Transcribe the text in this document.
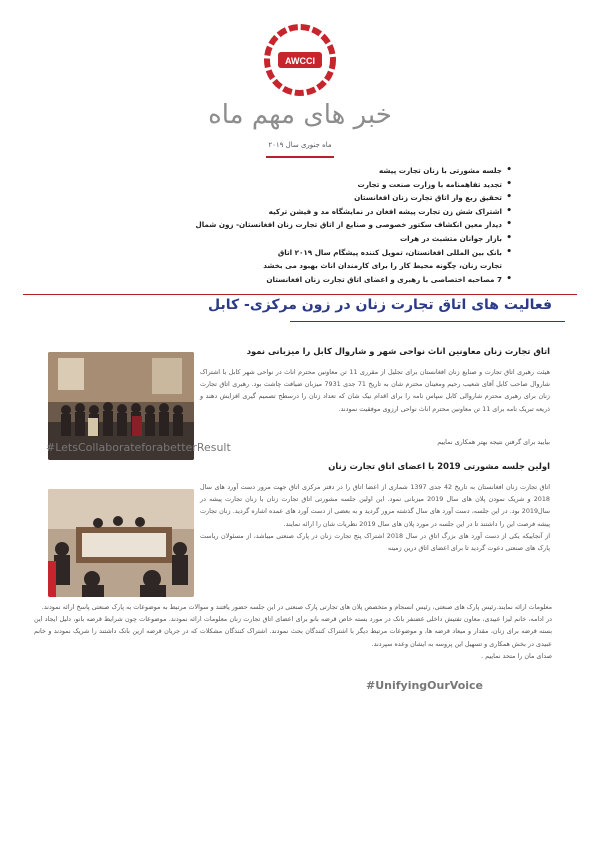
AWCCI
خبر های مهم ماه
ماه جنوری سال ۲۰۱۹
• جلسه مشورتی با زنان تجارت پیشه
• تجدید تفاهمنامه با وزارت صنعت و تجارت
• تحقیق ربع وار اتاق تجارت زنان افغانستان
• اشتراک شش زن تجارت پیشه افغان در نمایشگاه مد و فیشن ترکیه
• دیدار معین انکشاف سکتور خصوصی و صنایع از اتاق تجارت زنان افغانستان- زون شمال
• بازار جوانان متشبث در هرات
• بانک بین المللی افغانستان، تمویل کننده پیشگام سال ۲۰۱۹ اتاق
تجارت زنان، چگونه محیط کار را برای کارمندان اناث بهبود می بخشد
• 7 مصاحبه اختصاصی با رهبری و اعضای اتاق تجارت زنان افغانستان
فعالیت های اتاق تجارت زنان در زون مرکزی- کابل
اتاق تجارت زنان معاونین اناث نواحی شهر و شاروال کابل را میزبانی نمود
هیئت رهبری اتاق تجارت و صنایع زنان افغانستان برای تجلیل از مقرری 11 تن معاونین محترم اناث در نواحی شهر کابل با اشتراک شاروال صاحب کابل آقای شعیب رحیم ومعینان محترم شان به تاریخ 71 جدی 7931 میزبان ضیافت چاشت بود. رهبری اتاق تجارت زنان برای رهبری محترم شاروالی کابل سپاس نامه را برای اقدام نیک شان که تعداد زنان را درسطح تصمیم گیری افزایش دهند و ذریعه تبریک نامه برای 11 تن معاونین محترم اناث نواحی ارزوی موفقیت نمودند.
بیایید برای گرفتن نتیجه بهتر همکاری نماییم
#LetsCollaborateforabetterResult
اولین جلسه مشورتی 2019 با اعضای اتاق تجارت زنان
اتاق تجارت زنان افغانستان به تاریخ 42 جدی 1397 شماری از اعضا اتاق را در دفتر مرکزی اتاق جهت مرور دست آورد های سال 2018 و شریک نمودن پلان های سال 2019 میزبانی نمود. این اولین جلسه مشورتی اتاق تجارت زنان با زنان تجارت پیشه در سال2019 بود. در این جلسه، دست آورد های سال گذشته مرور گردید و به بعضی از دست آورد های عمده اشاره گردید. زنان تجارت پیشه فرصت این را داشتند تا در این جلسه در مورد پلان های سال 2019 نظریات شان را ارائه نمایند.
از آنجاییکه یکی از دست آورد های بزرگ اتاق در سال 2018 اشتراک پنج تجارت زنان در پارک صنعتی میباشد، از مسئولان ریاست پارک های صنعتی دعوت گردید تا برای اعضای اتاق درین زمینه
معلومات ارائه نمایند.رئیس پارک های صنعتی، رئیس انسجام و متخصص پلان های تجارتی پارک صنعتی در این جلسه حضور یافتند و سوالات مرتبط به موضوعات به پارک صنعتی پاسخ ارائه نمودند.
در ادامه، خانم لیزا عبیدی، معاون تفتیش داخلی غضنفر بانک در مورد بسته خاص قرضه بانو برای اعضای اتاق تجارت زنان معلومات ارائه نمودند. موضوعات چون شرایط قرضه بانو، دلیل ایجاد این بسته قرضه برای زنان، مقدار و میعاد قرضه ها، و موضوعات مرتبط دیگر با اشتراک کنندگان بحث نمودند. اشتراک کنندگان مشکلات که در جریان قرضه ازین بانک داشتند را شریک نمودند و خانم عبیدی در بخش همکاری و تسهیل این پروسه به ایشان وعده سپردند.
صدای مان را متحد نماییم .
#UnifyingOurVoice
